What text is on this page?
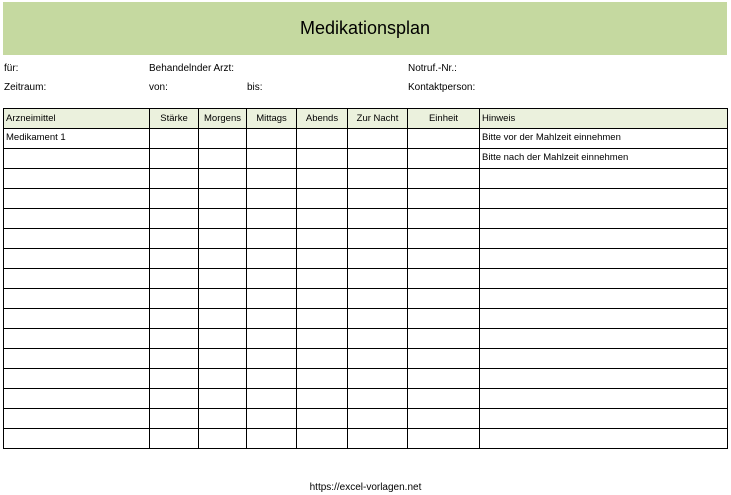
Medikationsplan
für:	Behandelnder Arzt:	Notruf.-Nr.:
Zeitraum:	von:	bis:	Kontaktperson:
Arzneimittel	Stärke	Morgens	Mittags	Abends	Zur Nacht	Einheit	Hinweis
Medikament 1							Bitte vor der Mahlzeit einnehmen
							Bitte nach der Mahlzeit einnehmen

https://excel-vorlagen.net
